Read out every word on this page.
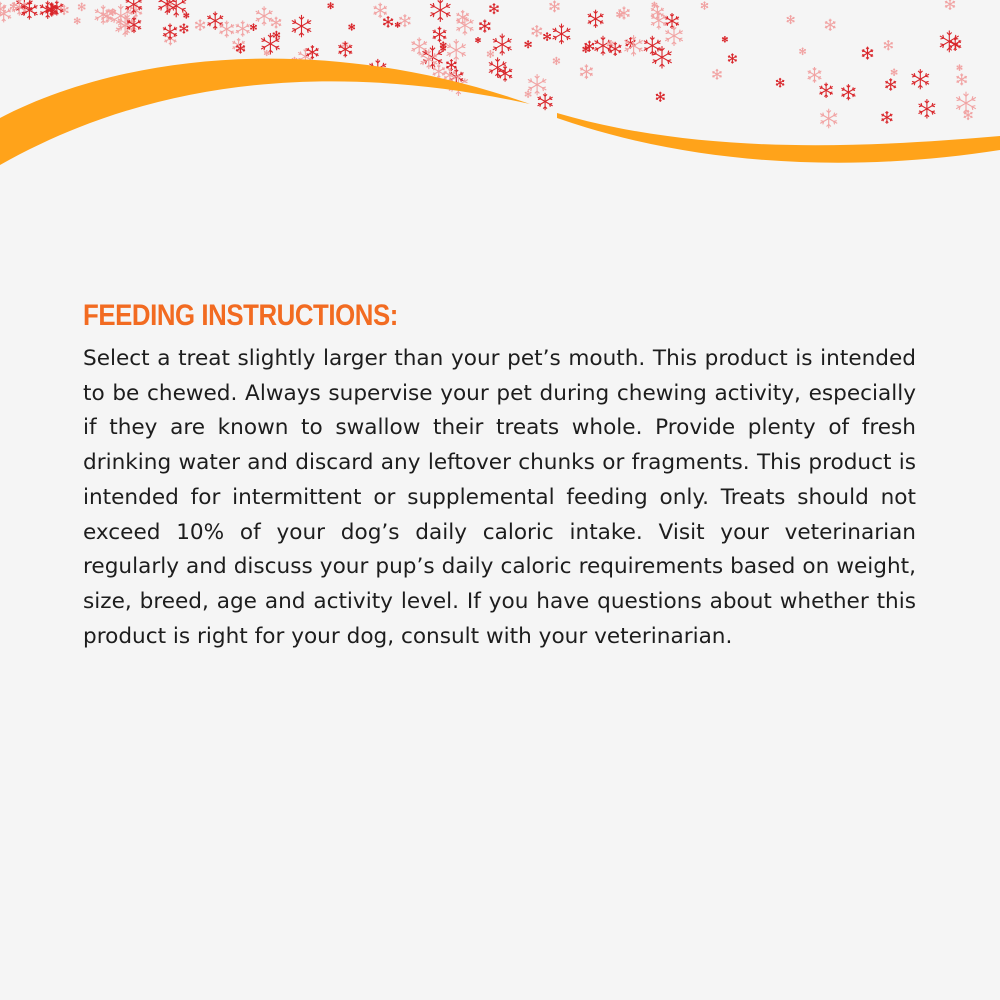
FEEDING INSTRUCTIONS:

Select a treat slightly larger than your pet’s mouth. This product is intended to be chewed. Always supervise your pet during chewing activity, especially if they are known to swallow their treats whole. Provide plenty of fresh drinking water and discard any leftover chunks or fragments. This product is intended for intermittent or supplemental feeding only. Treats should not exceed 10% of your dog’s daily caloric intake. Visit your veterinarian regularly and discuss your pup’s daily caloric requirements based on weight, size, breed, age and activity level. If you have questions about whether this product is right for your dog, consult with your veterinarian.
